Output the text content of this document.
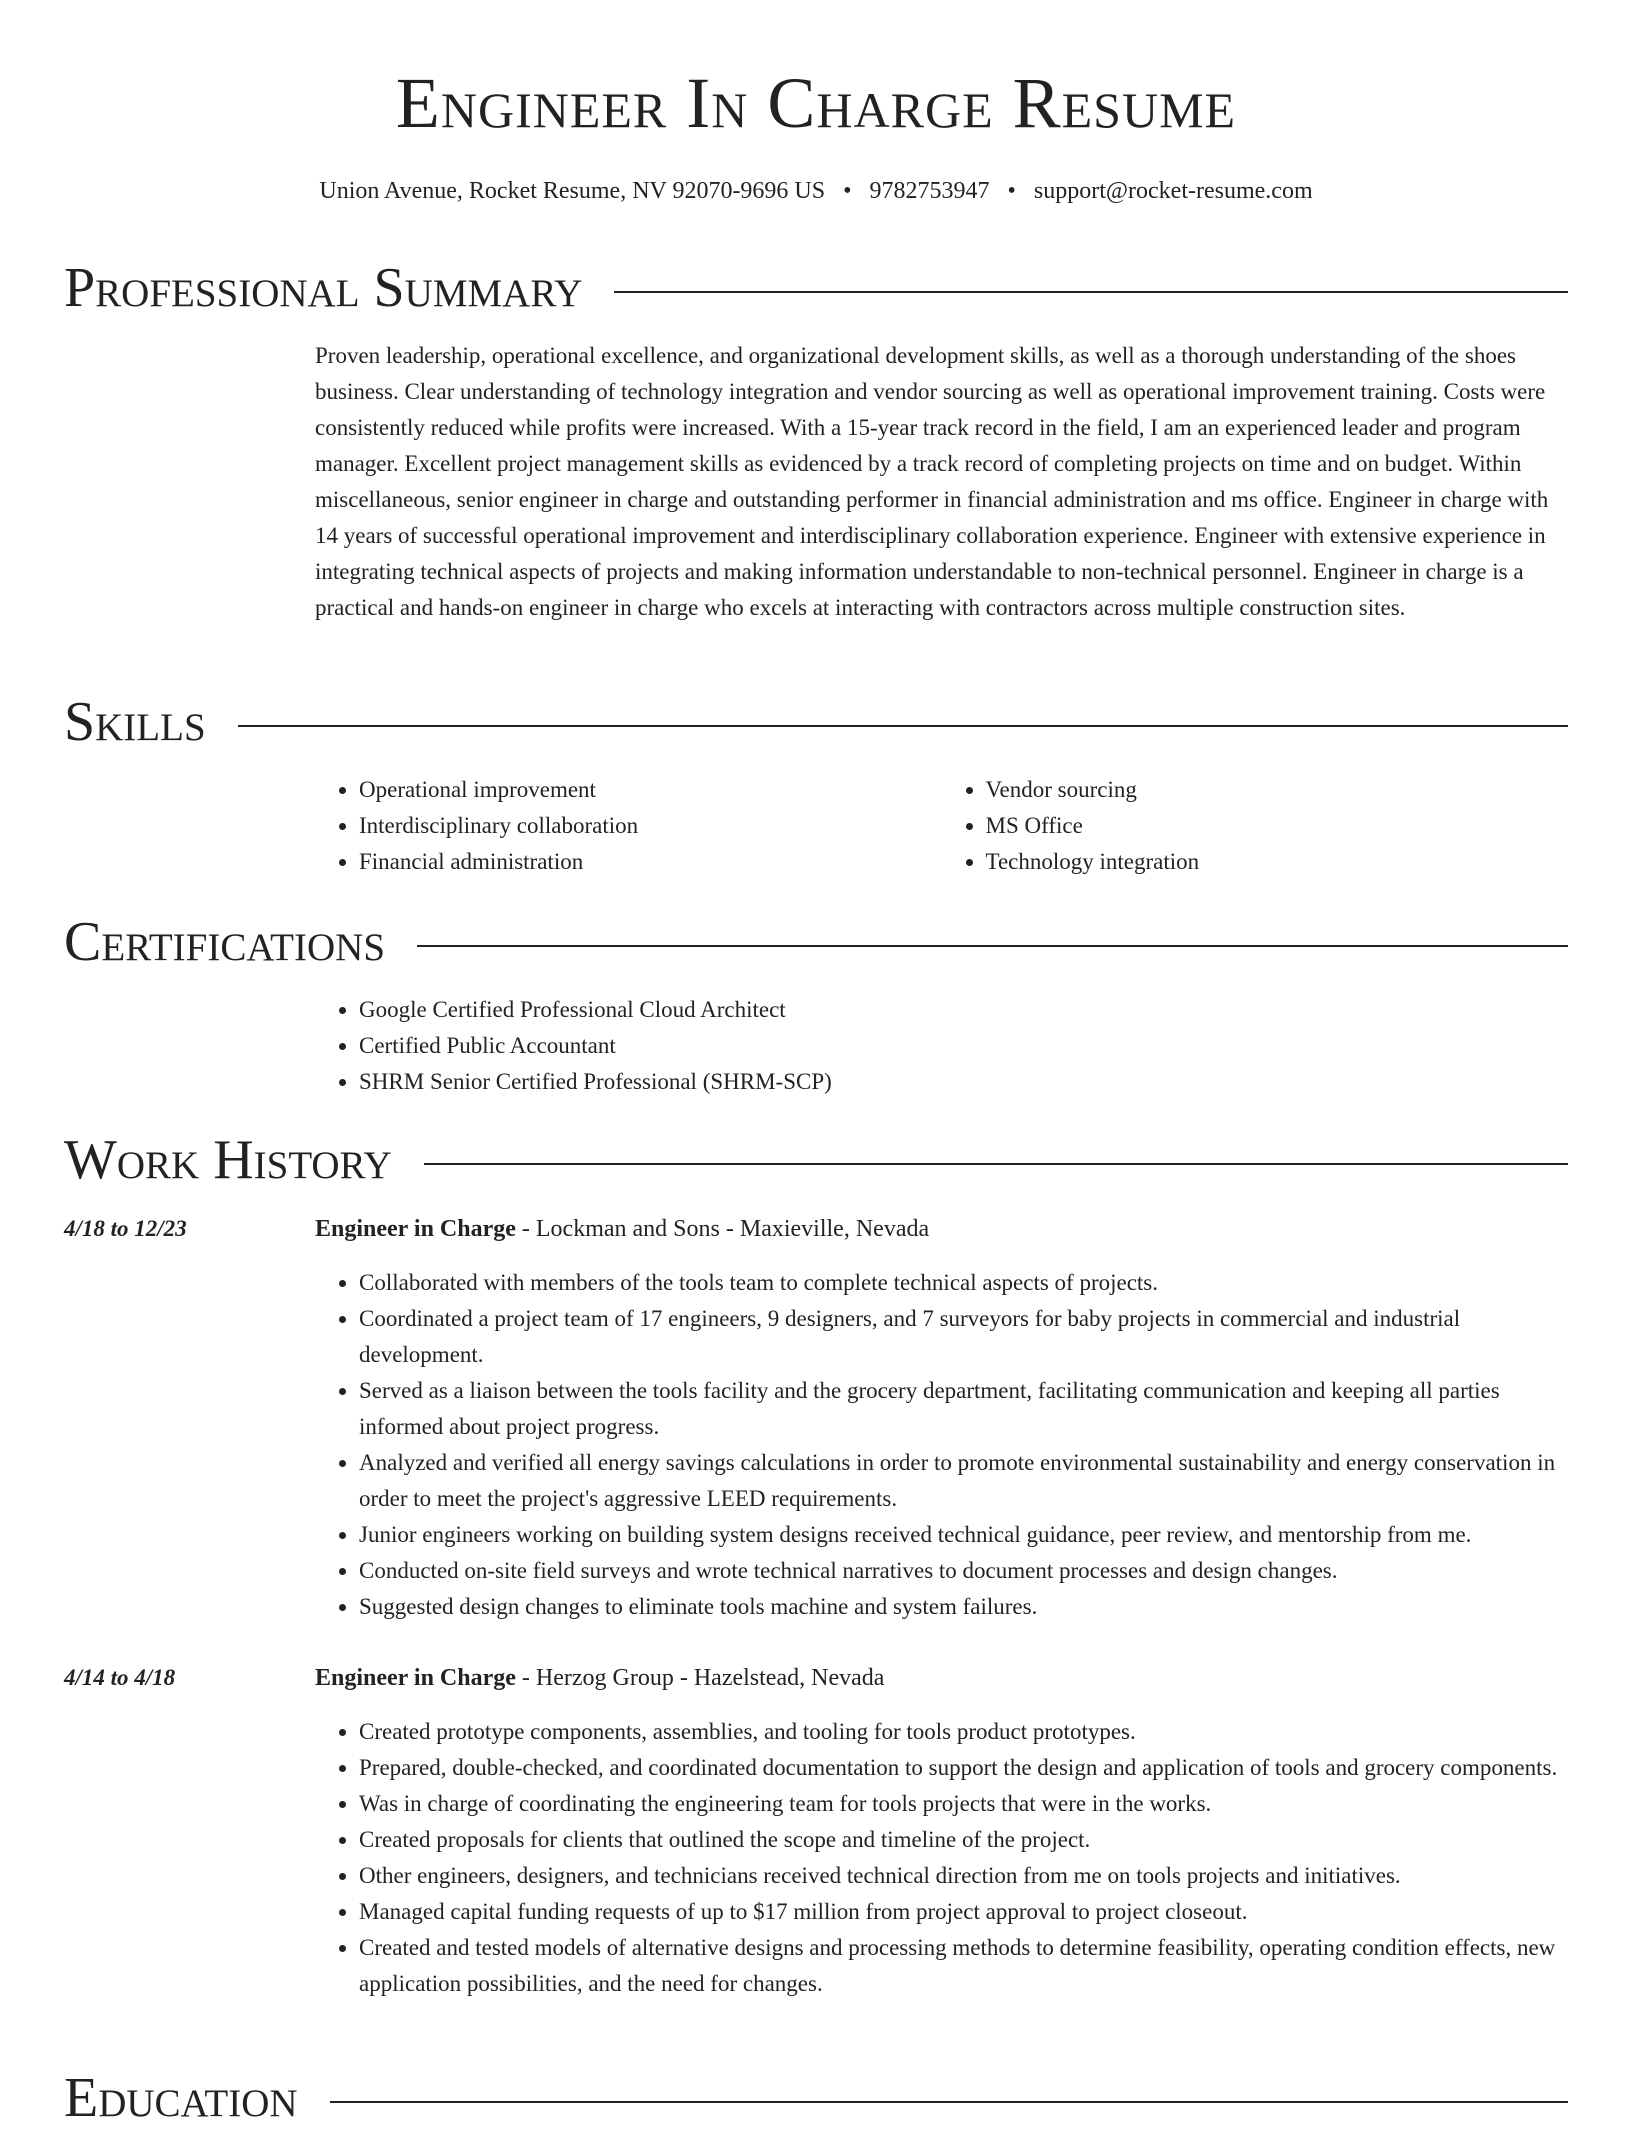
Engineer In Charge Resume
Union Avenue, Rocket Resume, NV 92070-9696 US • 9782753947 • support@rocket-resume.com
Professional Summary

Proven leadership, operational excellence, and organizational development skills, as well as a thorough understanding of the shoes business. Clear understanding of technology integration and vendor sourcing as well as operational improvement training. Costs were consistently reduced while profits were increased. With a 15-year track record in the field, I am an experienced leader and program manager. Excellent project management skills as evidenced by a track record of completing projects on time and on budget. Within miscellaneous, senior engineer in charge and outstanding performer in financial administration and ms office. Engineer in charge with 14 years of successful operational improvement and interdisciplinary collaboration experience. Engineer with extensive experience in integrating technical aspects of projects and making information understandable to non-technical personnel. Engineer in charge is a practical and hands-on engineer in charge who excels at interacting with contractors across multiple construction sites.

Skills
• Operational improvement
• Interdisciplinary collaboration
• Financial administration
• Vendor sourcing
• MS Office
• Technology integration
Certifications
• Google Certified Professional Cloud Architect
• Certified Public Accountant
• SHRM Senior Certified Professional (SHRM-SCP)
Work History
4/18 to 12/23	Engineer in Charge - Lockman and Sons - Maxieville, Nevada
• Collaborated with members of the tools team to complete technical aspects of projects.
• Coordinated a project team of 17 engineers, 9 designers, and 7 surveyors for baby projects in commercial and industrial development.
• Served as a liaison between the tools facility and the grocery department, facilitating communication and keeping all parties informed about project progress.
• Analyzed and verified all energy savings calculations in order to promote environmental sustainability and energy conservation in order to meet the project's aggressive LEED requirements.
• Junior engineers working on building system designs received technical guidance, peer review, and mentorship from me.
• Conducted on-site field surveys and wrote technical narratives to document processes and design changes.
• Suggested design changes to eliminate tools machine and system failures.
4/14 to 4/18	Engineer in Charge - Herzog Group - Hazelstead, Nevada
• Created prototype components, assemblies, and tooling for tools product prototypes.
• Prepared, double-checked, and coordinated documentation to support the design and application of tools and grocery components.
• Was in charge of coordinating the engineering team for tools projects that were in the works.
• Created proposals for clients that outlined the scope and timeline of the project.
• Other engineers, designers, and technicians received technical direction from me on tools projects and initiatives.
• Managed capital funding requests of up to $17 million from project approval to project closeout.
• Created and tested models of alternative designs and processing methods to determine feasibility, operating condition effects, new application possibilities, and the need for changes.
Education
